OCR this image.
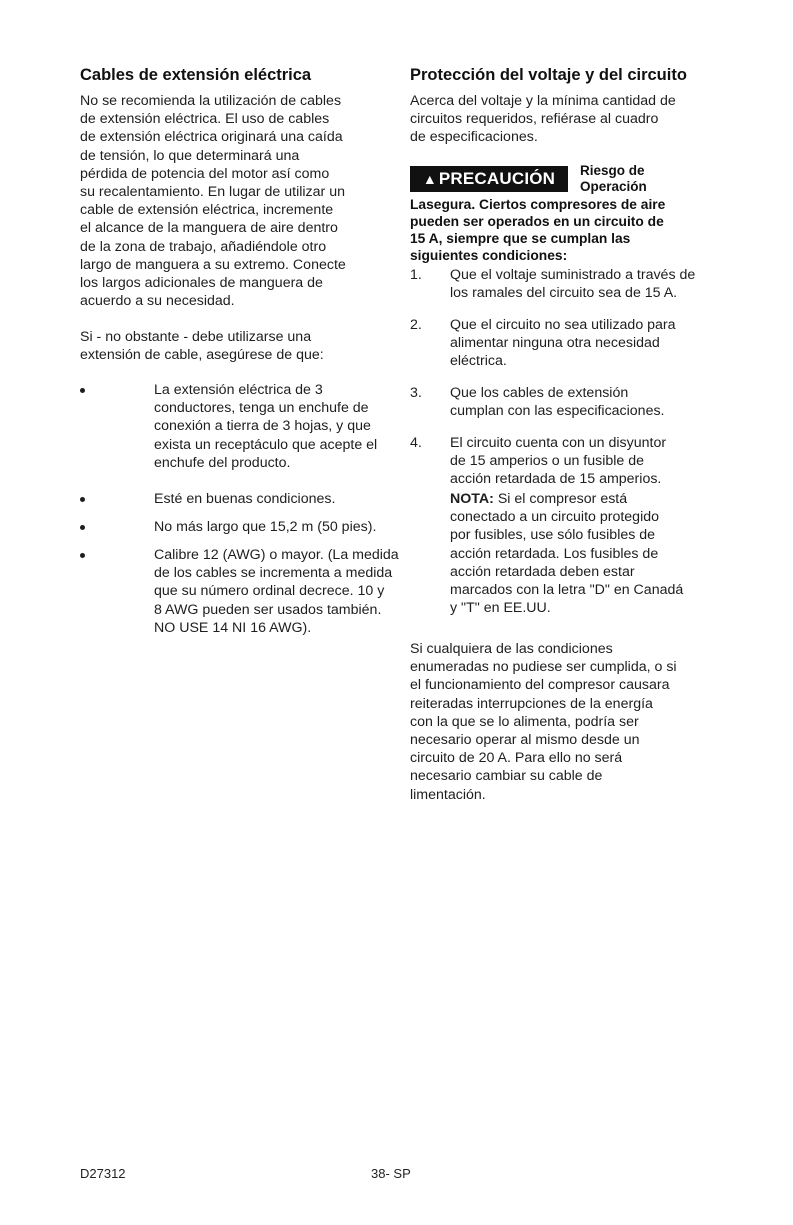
Cables de extensión eléctrica
No se recomienda la utilización de cables
de extensión eléctrica. El uso de cables
de extensión eléctrica originará una caída
de tensión, lo que determinará una
pérdida de potencia del motor así como
su recalentamiento. En lugar de utilizar un
cable de extensión eléctrica, incremente
el alcance de la manguera de aire dentro
de la zona de trabajo, añadiéndole otro
largo de manguera a su extremo. Conecte
los largos adicionales de manguera de
acuerdo a su necesidad.
Si - no obstante - debe utilizarse una
extensión de cable, asegúrese de que:
La extensión eléctrica de 3
conductores, tenga un enchufe de
conexión a tierra de 3 hojas, y que
exista un receptáculo que acepte el
enchufe del producto.
Esté en buenas condiciones.
No más largo que 15,2 m (50 pies).
Calibre 12 (AWG) o mayor. (La medida
de los cables se incrementa a medida
que su número ordinal decrece. 10 y
8 AWG pueden ser usados también.
NO USE 14 NI 16 AWG).
Protección del voltaje y del circuito
Acerca del voltaje y la mínima cantidad de
circuitos requeridos, refiérase al cuadro
de especificaciones.
▲ PRECAUCIÓN Riesgo de
Operación
Lasegura. Ciertos compresores de aire
pueden ser operados en un circuito de
15 A, siempre que se cumplan las
siguientes condiciones:
1. Que el voltaje suministrado a través de
los ramales del circuito sea de 15 A.
2. Que el circuito no sea utilizado para
alimentar ninguna otra necesidad
eléctrica.
3. Que los cables de extensión
cumplan con las especificaciones.
4. El circuito cuenta con un disyuntor
de 15 amperios o un fusible de
acción retardada de 15 amperios.
NOTA: Si el compresor está
conectado a un circuito protegido
por fusibles, use sólo fusibles de
acción retardada. Los fusibles de
acción retardada deben estar
marcados con la letra "D" en Canadá
y "T" en EE.UU.
Si cualquiera de las condiciones
enumeradas no pudiese ser cumplida, o si
el funcionamiento del compresor causara
reiteradas interrupciones de la energía
con la que se lo alimenta, podría ser
necesario operar al mismo desde un
circuito de 20 A. Para ello no será
necesario cambiar su cable de
limentación.
D27312	38- SP
